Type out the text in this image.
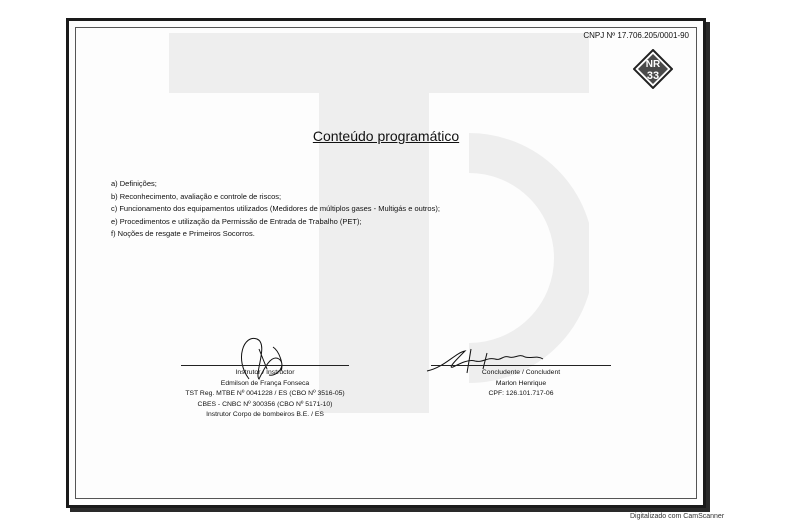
CNPJ Nº 17.706.205/0001-90
NR
33
Conteúdo programático
a) Definições;
b) Reconhecimento, avaliação e controle de riscos;
c) Funcionamento dos equipamentos utilizados (Medidores de múltiplos gases - Multigás e outros);
e) Procedimentos e utilização da Permissão de Entrada de Trabalho (PET);
f) Noções de resgate e Primeiros Socorros.
Instrutor / Instructor
Edmilson de França Fonseca
TST Reg. MTBE Nº 0041228 / ES (CBO Nº 3516-05)
CBES - CNBC Nº 300356 (CBO Nº 5171-10)
Instrutor Corpo de bombeiros B.E. / ES
Concludente / Concludent
Marlon Henrique
CPF: 126.101.717-06
Digitalizado com CamScanner
